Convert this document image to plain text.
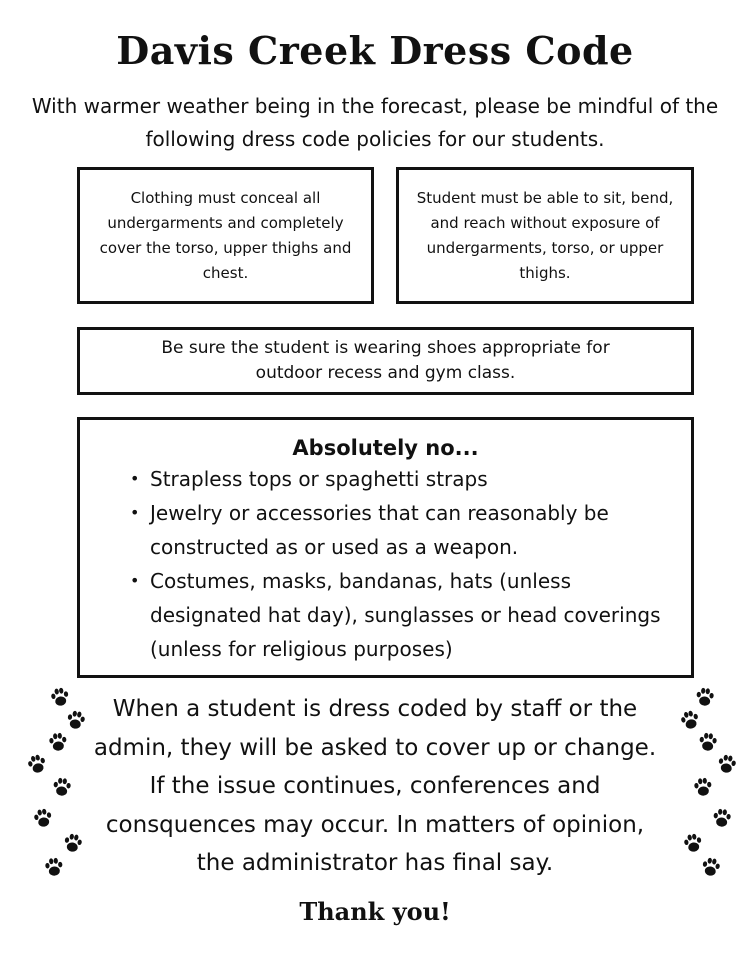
Davis Creek Dress Code
With warmer weather being in the forecast, please be mindful of the following dress code policies for our students.
Clothing must conceal all undergarments and completely cover the torso, upper thighs and chest.
Student must be able to sit, bend, and reach without exposure of undergarments, torso, or upper thighs.
Be sure the student is wearing shoes appropriate for outdoor recess and gym class.
Absolutely no...
• Strapless tops or spaghetti straps
• Jewelry or accessories that can reasonably be constructed as or used as a weapon.
• Costumes, masks, bandanas, hats (unless designated hat day), sunglasses or head coverings (unless for religious purposes)
When a student is dress coded by staff or the admin, they will be asked to cover up or change. If the issue continues, conferences and consquences may occur. In matters of opinion, the administrator has final say.
Thank you!
